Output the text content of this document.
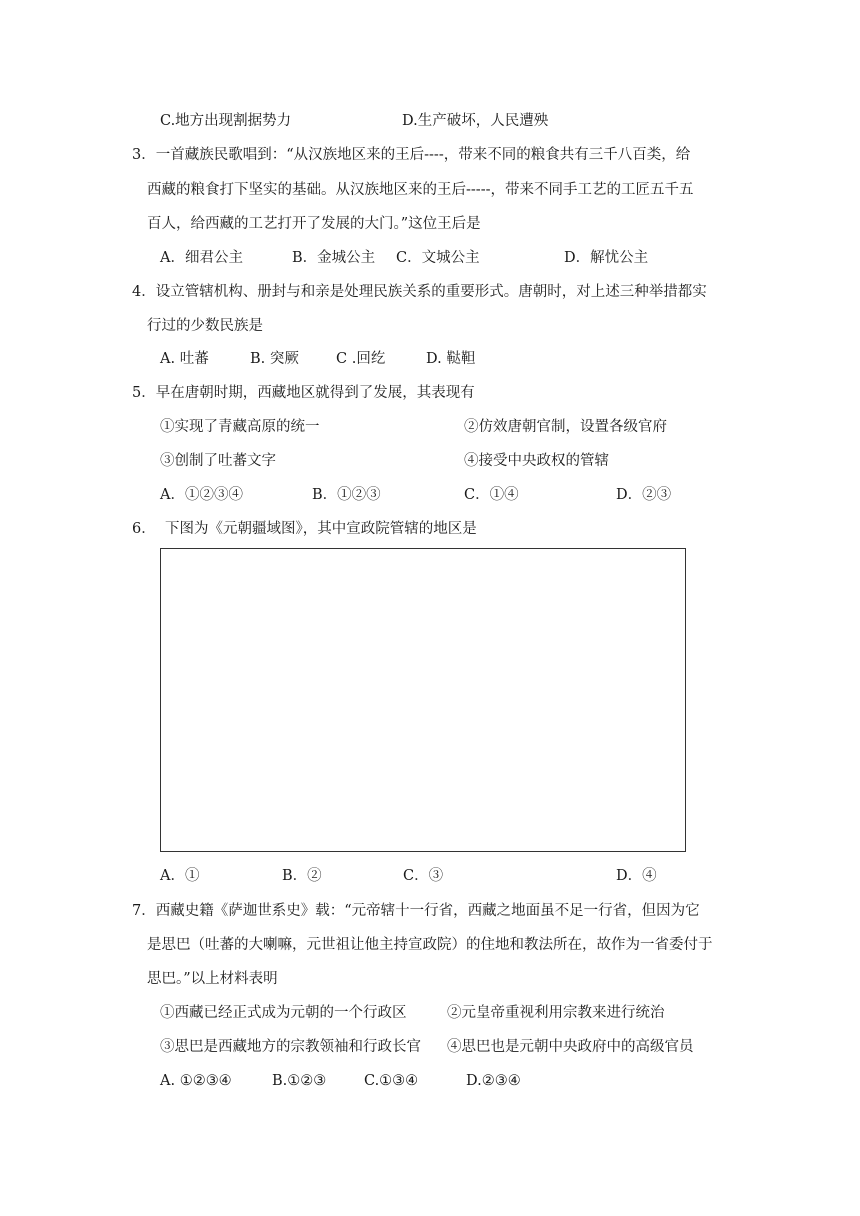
C.地方出现割据势力	D.生产破坏，人民遭殃
3．一首藏族民歌唱到：“从汉族地区来的王后----，带来不同的粮食共有三千八百类，给
西藏的粮食打下坚实的基础。从汉族地区来的王后-----，带来不同手工艺的工匠五千五
百人，给西藏的工艺打开了发展的大门。”这位王后是
A．细君公主	B．金城公主 C．文城公主	D．解忧公主
4．设立管辖机构、册封与和亲是处理民族关系的重要形式。唐朝时，对上述三种举措都实
行过的少数民族是
A. 吐蕃	B. 突厥	C .回纥	D. 鞑靼
5．早在唐朝时期，西藏地区就得到了发展，其表现有
①实现了青藏高原的统一	②仿效唐朝官制，设置各级官府
③创制了吐蕃文字	④接受中央政权的管辖
A．①②③④	B．①②③	C．①④	D．②③
6．  下图为《元朝疆域图》，其中宣政院管辖的地区是
A．①	B．②	C．③	D．④
7．西藏史籍《萨迦世系史》载：“元帝辖十一行省，西藏之地面虽不足一行省，但因为它
是思巴（吐蕃的大喇嘛，元世祖让他主持宣政院）的住地和教法所在，故作为一省委付于
思巴。”以上材料表明
①西藏已经正式成为元朝的一个行政区	②元皇帝重视利用宗教来进行统治
③思巴是西藏地方的宗教领袖和行政长官 ④思巴也是元朝中央政府中的高级官员
A. ①②③④	B.①②③	C.①③④	D.②③④
